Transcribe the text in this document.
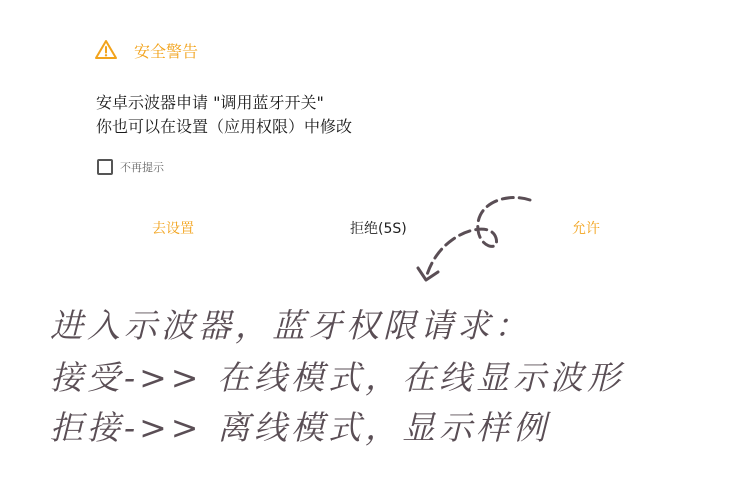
安全警告
安卓示波器申请 "调用蓝牙开关"
你也可以在设置（应用权限）中修改
不再提示
去设置	拒绝(5S)	允许
进入示波器，蓝牙权限请求：
接受->> 在线模式，在线显示波形
拒接->> 离线模式，显示样例
